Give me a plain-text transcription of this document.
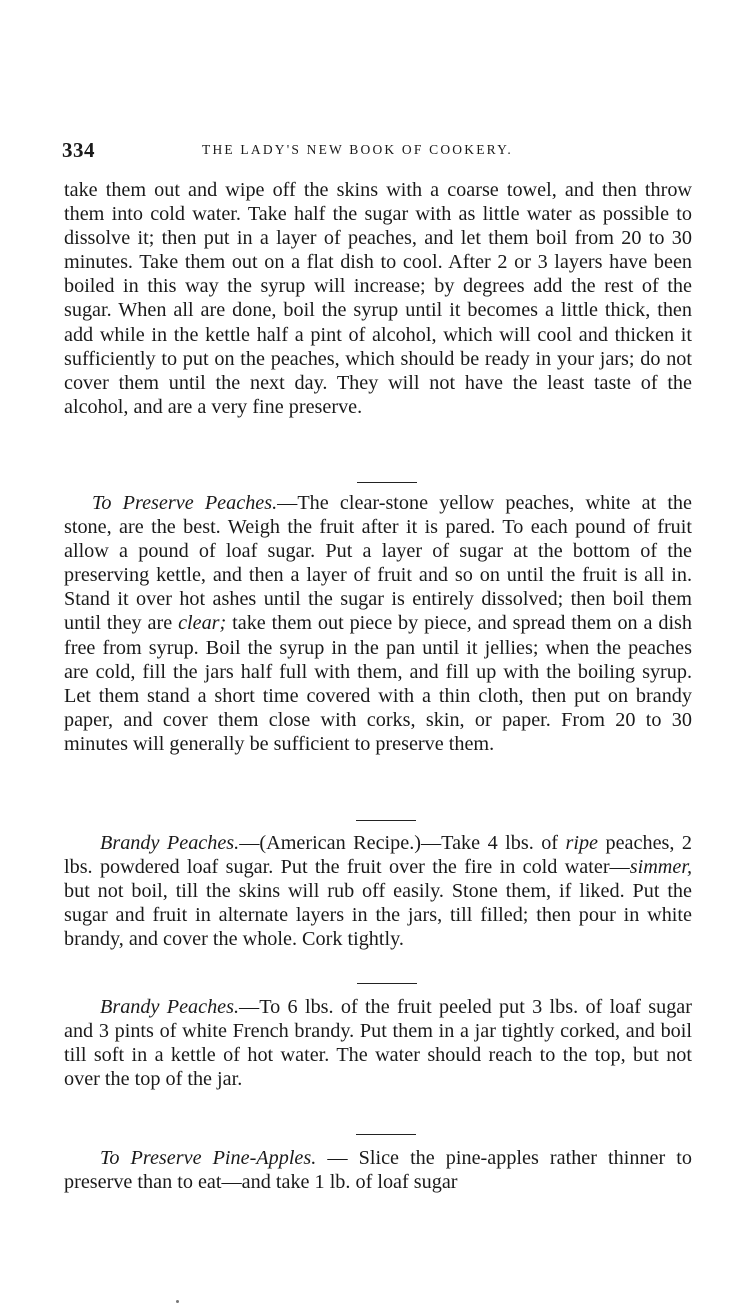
334	THE LADY'S NEW BOOK OF COOKERY.

take them out and wipe off the skins with a coarse towel, and then throw them into cold water. Take half the sugar with as little water as possible to dissolve it; then put in a layer of peaches, and let them boil from 20 to 30 minutes. Take them out on a flat dish to cool. After 2 or 3 layers have been boiled in this way the syrup will increase; by degrees add the rest of the sugar. When all are done, boil the syrup until it becomes a little thick, then add while in the kettle half a pint of alcohol, which will cool and thicken it sufficiently to put on the peaches, which should be ready in your jars; do not cover them until the next day. They will not have the least taste of the alcohol, and are a very fine preserve.

To Preserve Peaches.—The clear-stone yellow peaches, white at the stone, are the best. Weigh the fruit after it is pared. To each pound of fruit allow a pound of loaf sugar. Put a layer of sugar at the bottom of the preserving kettle, and then a layer of fruit and so on until the fruit is all in. Stand it over hot ashes until the sugar is entirely dissolved; then boil them until they are clear; take them out piece by piece, and spread them on a dish free from syrup. Boil the syrup in the pan until it jellies; when the peaches are cold, fill the jars half full with them, and fill up with the boiling syrup. Let them stand a short time covered with a thin cloth, then put on brandy paper, and cover them close with corks, skin, or paper. From 20 to 30 minutes will generally be sufficient to preserve them.

Brandy Peaches.—(American Recipe.)—Take 4 lbs. of ripe peaches, 2 lbs. powdered loaf sugar. Put the fruit over the fire in cold water—simmer, but not boil, till the skins will rub off easily. Stone them, if liked. Put the sugar and fruit in alternate layers in the jars, till filled; then pour in white brandy, and cover the whole. Cork tightly.

Brandy Peaches.—To 6 lbs. of the fruit peeled put 3 lbs. of loaf sugar and 3 pints of white French brandy. Put them in a jar tightly corked, and boil till soft in a kettle of hot water. The water should reach to the top, but not over the top of the jar.

To Preserve Pine-Apples. — Slice the pine-apples rather thinner to preserve than to eat—and take 1 lb. of loaf sugar
